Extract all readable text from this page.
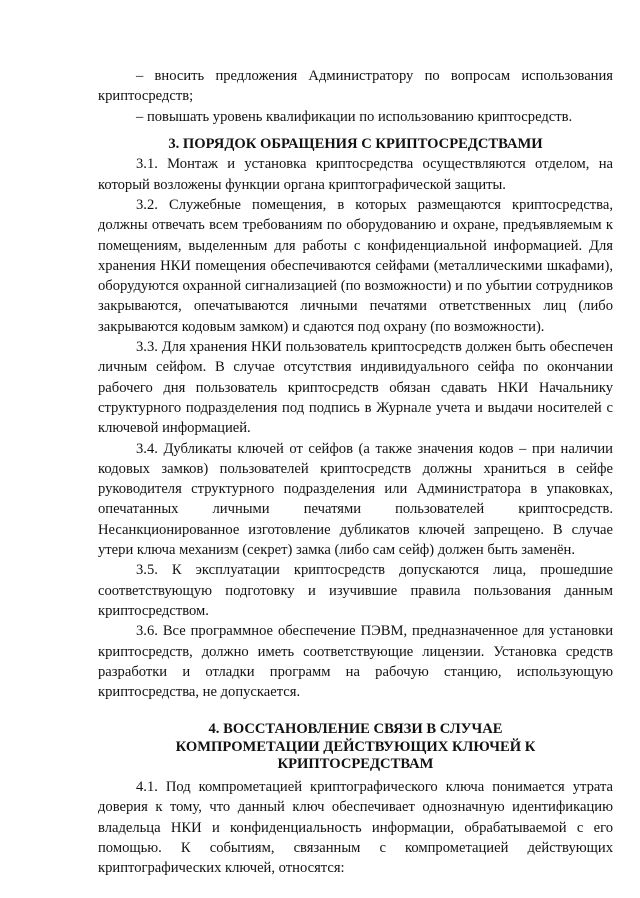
– вносить предложения Администратору по вопросам использования криптосредств;

– повышать уровень квалификации по использованию криптосредств.

3. ПОРЯДОК ОБРАЩЕНИЯ С КРИПТОСРЕДСТВАМИ

3.1. Монтаж и установка криптосредства осуществляются отделом, на который возложены функции органа криптографической защиты.

3.2. Служебные помещения, в которых размещаются криптосредства, должны отвечать всем требованиям по оборудованию и охране, предъявляемым к помещениям, выделенным для работы с конфиденциальной информацией. Для хранения НКИ помещения обеспечиваются сейфами (металлическими шкафами), оборудуются охранной сигнализацией (по возможности) и по убытии сотрудников закрываются, опечатываются личными печатями ответственных лиц (либо закрываются кодовым замком) и сдаются под охрану (по возможности).

3.3. Для хранения НКИ пользователь криптосредств должен быть обеспечен личным сейфом. В случае отсутствия индивидуального сейфа по окончании рабочего дня пользователь криптосредств обязан сдавать НКИ Начальнику структурного подразделения под подпись в Журнале учета и выдачи носителей с ключевой информацией.

3.4. Дубликаты ключей от сейфов (а также значения кодов – при наличии кодовых замков) пользователей криптосредств должны храниться в сейфе руководителя структурного подразделения или Администратора в упаковках, опечатанных личными печатями пользователей криптосредств. Несанкционированное изготовление дубликатов ключей запрещено. В случае утери ключа механизм (секрет) замка (либо сам сейф) должен быть заменён.

3.5. К эксплуатации криптосредств допускаются лица, прошедшие соответствующую подготовку и изучившие правила пользования данным криптосредством.

3.6. Все программное обеспечение ПЭВМ, предназначенное для установки криптосредств, должно иметь соответствующие лицензии. Установка средств разработки и отладки программ на рабочую станцию, использующую криптосредства, не допускается.

4. ВОССТАНОВЛЕНИЕ СВЯЗИ В СЛУЧАЕ
КОМПРОМЕТАЦИИ ДЕЙСТВУЮЩИХ КЛЮЧЕЙ К
КРИПТОСРЕДСТВАМ

4.1. Под компрометацией криптографического ключа понимается утрата доверия к тому, что данный ключ обеспечивает однозначную идентификацию владельца НКИ и конфиденциальность информации, обрабатываемой с его помощью. К событиям, связанным с компрометацией действующих криптографических ключей, относятся:
